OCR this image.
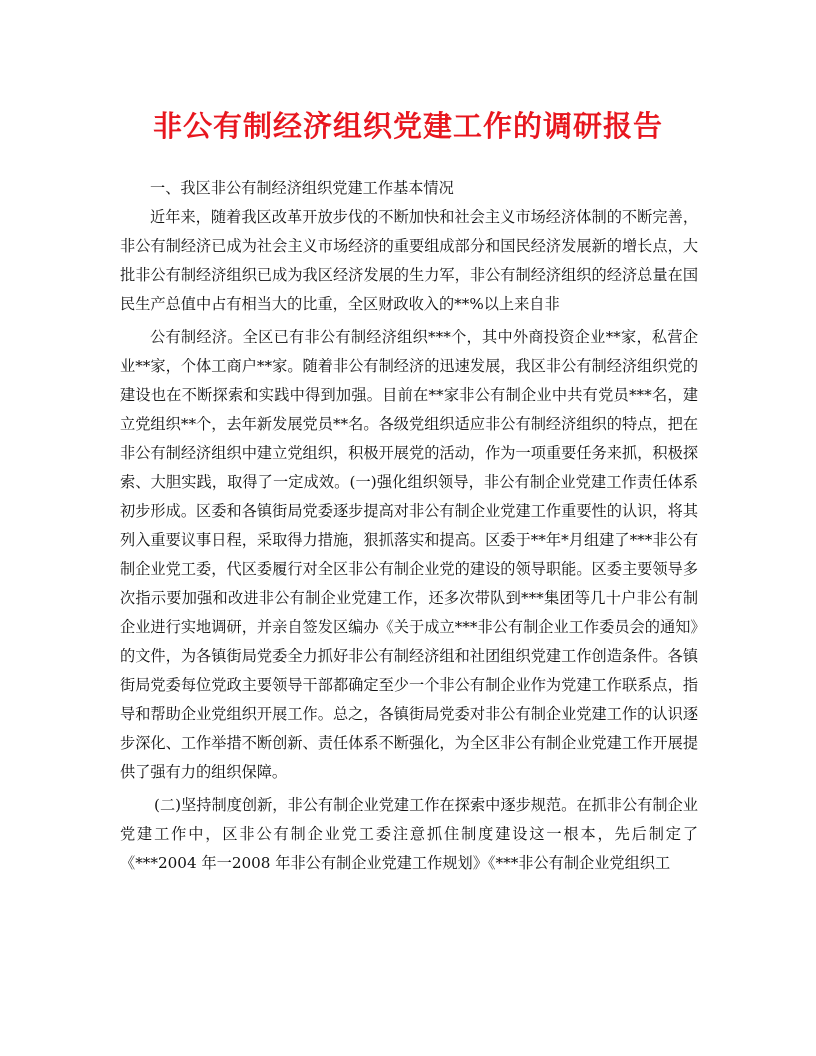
非公有制经济组织党建工作的调研报告

一、我区非公有制经济组织党建工作基本情况

近年来，随着我区改革开放步伐的不断加快和社会主义市场经济体制的不断完善，非公有制经济已成为社会主义市场经济的重要组成部分和国民经济发展新的增长点，大批非公有制经济组织已成为我区经济发展的生力军，非公有制经济组织的经济总量在国民生产总值中占有相当大的比重，全区财政收入的**%以上来自非

公有制经济。全区已有非公有制经济组织***个，其中外商投资企业**家，私营企业**家，个体工商户**家。随着非公有制经济的迅速发展，我区非公有制经济组织党的建设也在不断探索和实践中得到加强。目前在**家非公有制企业中共有党员***名，建立党组织**个，去年新发展党员**名。各级党组织适应非公有制经济组织的特点，把在非公有制经济组织中建立党组织，积极开展党的活动，作为一项重要任务来抓，积极探索、大胆实践，取得了一定成效。(一)强化组织领导，非公有制企业党建工作责任体系初步形成。区委和各镇街局党委逐步提高对非公有制企业党建工作重要性的认识，将其列入重要议事日程，采取得力措施，狠抓落实和提高。区委于**年*月组建了***非公有制企业党工委，代区委履行对全区非公有制企业党的建设的领导职能。区委主要领导多次指示要加强和改进非公有制企业党建工作，还多次带队到***集团等几十户非公有制企业进行实地调研，并亲自签发区编办《关于成立***非公有制企业工作委员会的通知》的文件，为各镇街局党委全力抓好非公有制经济组和社团组织党建工作创造条件。各镇街局党委每位党政主要领导干部都确定至少一个非公有制企业作为党建工作联系点，指导和帮助企业党组织开展工作。总之，各镇街局党委对非公有制企业党建工作的认识逐步深化、工作举措不断创新、责任体系不断强化，为全区非公有制企业党建工作开展提供了强有力的组织保障。

(二)坚持制度创新，非公有制企业党建工作在探索中逐步规范。在抓非公有制企业党建工作中，区非公有制企业党工委注意抓住制度建设这一根本，先后制定了《***2004 年一2008 年非公有制企业党建工作规划》《***非公有制企业党组织工
